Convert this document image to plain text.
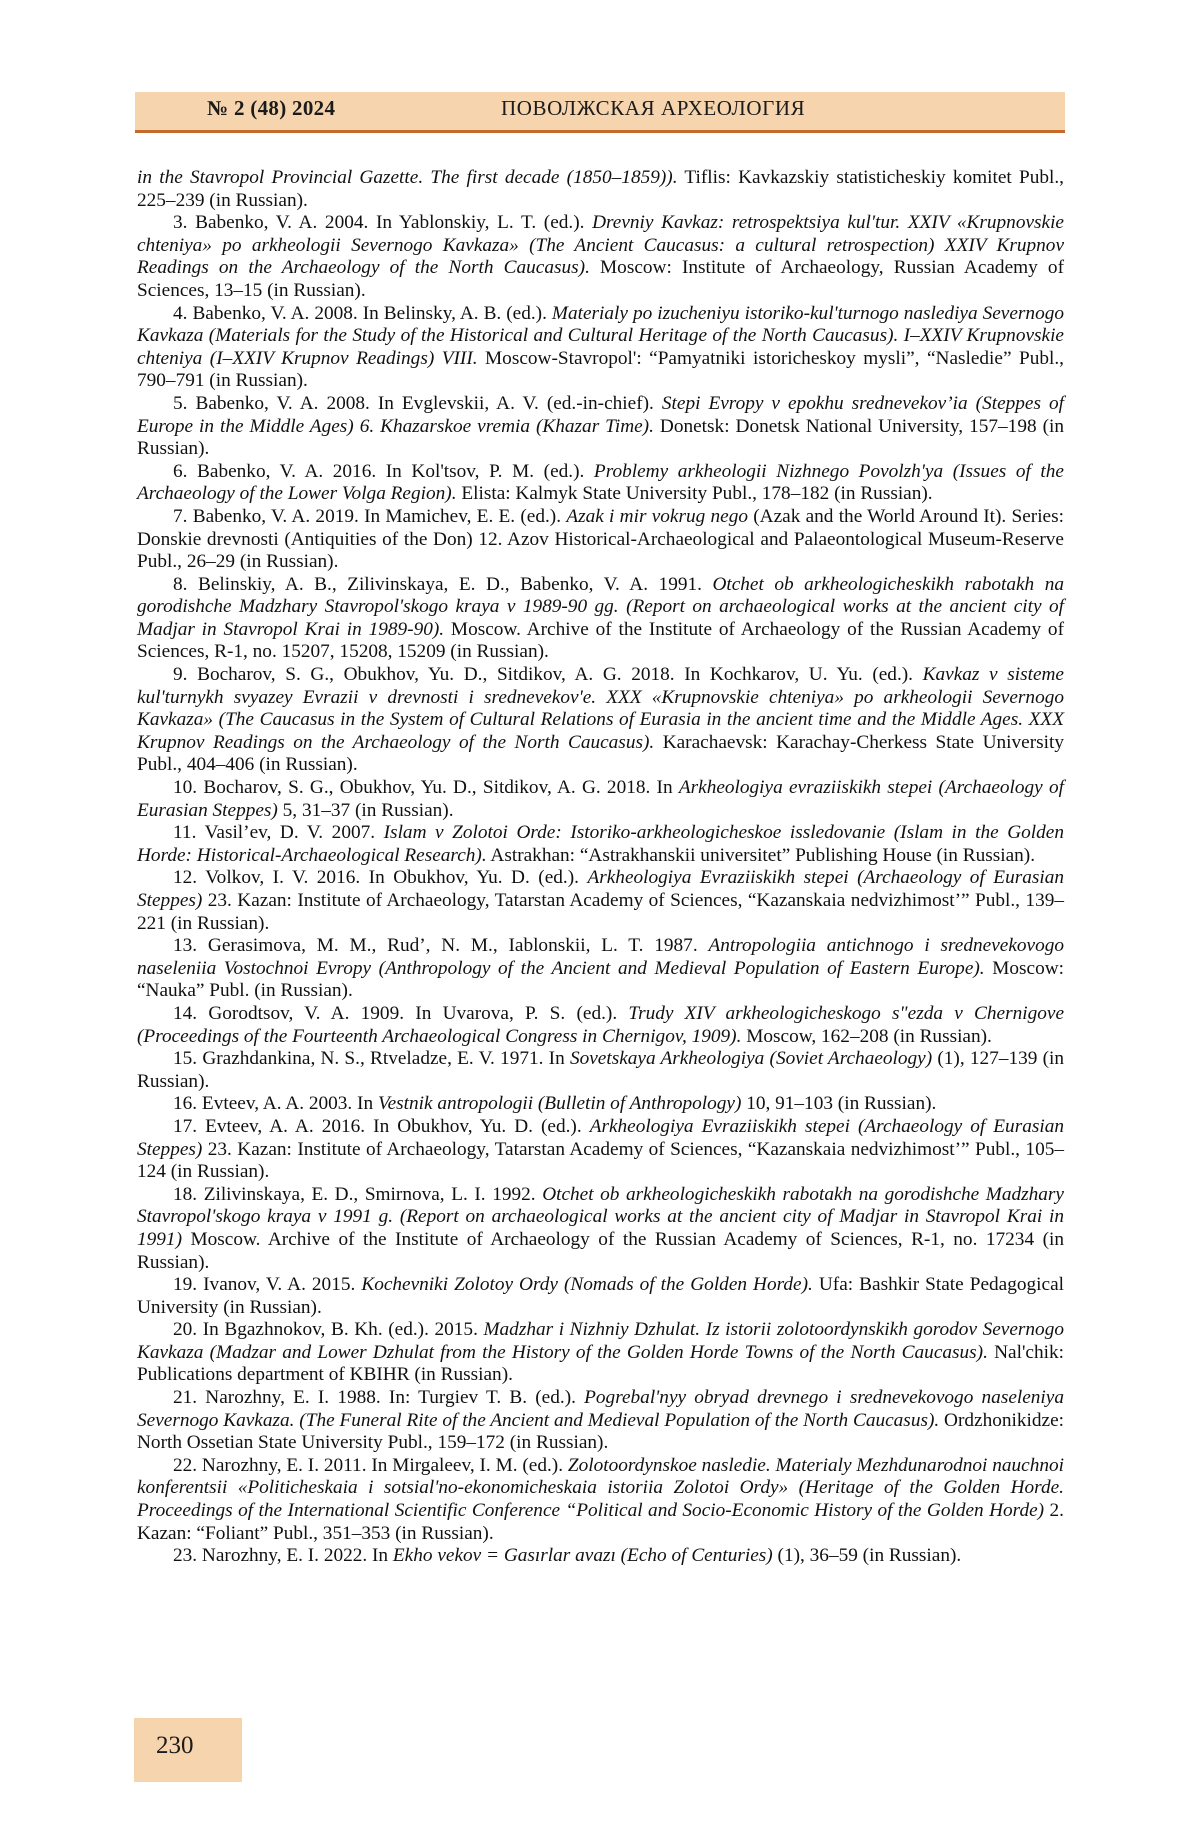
№ 2 (48) 2024	ПОВОЛЖСКАЯ АРХЕОЛОГИЯ

in the Stavropol Provincial Gazette. The first decade (1850–1859)). Tiflis: Kavkazskiy statisticheskiy komitet Publ., 225–239 (in Russian).

3. Babenko, V. A. 2004. In Yablonskiy, L. T. (ed.). Drevniy Kavkaz: retrospektsiya kul'tur. XXIV «Krupnovskie chteniya» po arkheologii Severnogo Kavkaza» (The Ancient Caucasus: a cultural retrospection) XXIV Krupnov Readings on the Archaeology of the North Caucasus). Moscow: Institute of Archaeology, Russian Academy of Sciences, 13–15 (in Russian).

4. Babenko, V. A. 2008. In Belinsky, A. B. (ed.). Materialy po izucheniyu istoriko-kul'turnogo naslediya Severnogo Kavkaza (Materials for the Study of the Historical and Cultural Heritage of the North Caucasus). I–XXIV Krupnovskie chteniya (I–XXIV Krupnov Readings) VIII. Moscow-Stavropol': “Pamyatniki istoricheskoy mysli”, “Nasledie” Publ., 790–791 (in Russian).

5. Babenko, V. A. 2008. In Evglevskii, A. V. (ed.-in-chief). Stepi Evropy v epokhu srednevekov’ia (Steppes of Europe in the Middle Ages) 6. Khazarskoe vremia (Khazar Time). Donetsk: Donetsk National University, 157–198 (in Russian).

6. Babenko, V. A. 2016. In Kol'tsov, P. M. (ed.). Problemy arkheologii Nizhnego Povolzh'ya (Issues of the Archaeology of the Lower Volga Region). Elista: Kalmyk State University Publ., 178–182 (in Russian).

7. Babenko, V. A. 2019. In Mamichev, E. E. (ed.). Azak i mir vokrug nego (Azak and the World Around It). Series: Donskie drevnosti (Antiquities of the Don) 12. Azov Historical-Archaeological and Palaeontological Museum-Reserve Publ., 26–29 (in Russian).

8. Belinskiy, A. B., Zilivinskaya, E. D., Babenko, V. A. 1991. Otchet ob arkheologicheskikh rabotakh na gorodishche Madzhary Stavropol'skogo kraya v 1989-90 gg. (Report on archaeological works at the ancient city of Madjar in Stavropol Krai in 1989-90). Moscow. Archive of the Institute of Archaeology of the Russian Academy of Sciences, R-1, no. 15207, 15208, 15209 (in Russian).

9. Bocharov, S. G., Obukhov, Yu. D., Sitdikov, A. G. 2018. In Kochkarov, U. Yu. (ed.). Kavkaz v sisteme kul'turnykh svyazey Evrazii v drevnosti i srednevekov'e. XXX «Krupnovskie chteniya» po arkheologii Severnogo Kavkaza» (The Caucasus in the System of Cultural Relations of Eurasia in the ancient time and the Middle Ages. XXX Krupnov Readings on the Archaeology of the North Caucasus). Karachaevsk: Karachay-Cherkess State University Publ., 404–406 (in Russian).

10. Bocharov, S. G., Obukhov, Yu. D., Sitdikov, A. G. 2018. In Arkheologiya evraziiskikh stepei (Archaeology of Eurasian Steppes) 5, 31–37 (in Russian).

11. Vasil’ev, D. V. 2007. Islam v Zolotoi Orde: Istoriko-arkheologicheskoe issledovanie (Islam in the Golden Horde: Historical-Archaeological Research). Astrakhan: “Astrakhanskii universitet” Publishing House (in Russian).

12. Volkov, I. V. 2016. In Obukhov, Yu. D. (ed.). Arkheologiya Evraziiskikh stepei (Archaeology of Eurasian Steppes) 23. Kazan: Institute of Archaeology, Tatarstan Academy of Sciences, “Kazanskaia nedvizhimost’” Publ., 139–221 (in Russian).

13. Gerasimova, M. M., Rud’, N. M., Iablonskii, L. T. 1987. Antropologiia antichnogo i srednevekovogo naseleniia Vostochnoi Evropy (Anthropology of the Ancient and Medieval Population of Eastern Europe). Moscow: “Nauka” Publ. (in Russian).

14. Gorodtsov, V. A. 1909. In Uvarova, P. S. (ed.). Trudy XIV arkheologicheskogo s"ezda v Chernigove (Proceedings of the Fourteenth Archaeological Congress in Chernigov, 1909). Moscow, 162–208 (in Russian).

15. Grazhdankina, N. S., Rtveladze, E. V. 1971. In Sovetskaya Arkheologiya (Soviet Archaeology) (1), 127–139 (in Russian).

16. Evteev, A. A. 2003. In Vestnik antropologii (Bulletin of Anthropology) 10, 91–103 (in Russian).

17. Evteev, A. A. 2016. In Obukhov, Yu. D. (ed.). Arkheologiya Evraziiskikh stepei (Archaeology of Eurasian Steppes) 23. Kazan: Institute of Archaeology, Tatarstan Academy of Sciences, “Kazanskaia nedvizhimost’” Publ., 105–124 (in Russian).

18. Zilivinskaya, E. D., Smirnova, L. I. 1992. Otchet ob arkheologicheskikh rabotakh na gorodishche Madzhary Stavropol'skogo kraya v 1991 g. (Report on archaeological works at the ancient city of Madjar in Stavropol Krai in 1991) Moscow. Archive of the Institute of Archaeology of the Russian Academy of Sciences, R-1, no. 17234 (in Russian).

19. Ivanov, V. A. 2015. Kochevniki Zolotoy Ordy (Nomads of the Golden Horde). Ufa: Bashkir State Pedagogical University (in Russian).

20. In Bgazhnokov, B. Kh. (ed.). 2015. Madzhar i Nizhniy Dzhulat. Iz istorii zolotoordynskikh gorodov Severnogo Kavkaza (Madzar and Lower Dzhulat from the History of the Golden Horde Towns of the North Caucasus). Nal'chik: Publications department of KBIHR (in Russian).

21. Narozhny, E. I. 1988. In: Turgiev T. B. (ed.). Pogrebal'nyy obryad drevnego i srednevekovogo naseleniya Severnogo Kavkaza. (The Funeral Rite of the Ancient and Medieval Population of the North Caucasus). Ordzhonikidze: North Ossetian State University Publ., 159–172 (in Russian).

22. Narozhny, E. I. 2011. In Mirgaleev, I. M. (ed.). Zolotoordynskoe nasledie. Materialy Mezhdunarodnoi nauchnoi konferentsii «Politicheskaia i sotsial'no-ekonomicheskaia istoriia Zolotoi Ordy» (Heritage of the Golden Horde. Proceedings of the International Scientific Conference “Political and Socio-Economic History of the Golden Horde) 2. Kazan: “Foliant” Publ., 351–353 (in Russian).

23. Narozhny, E. I. 2022. In Ekho vekov = Gasırlar avazı (Echo of Centuries) (1), 36–59 (in Russian).

230
